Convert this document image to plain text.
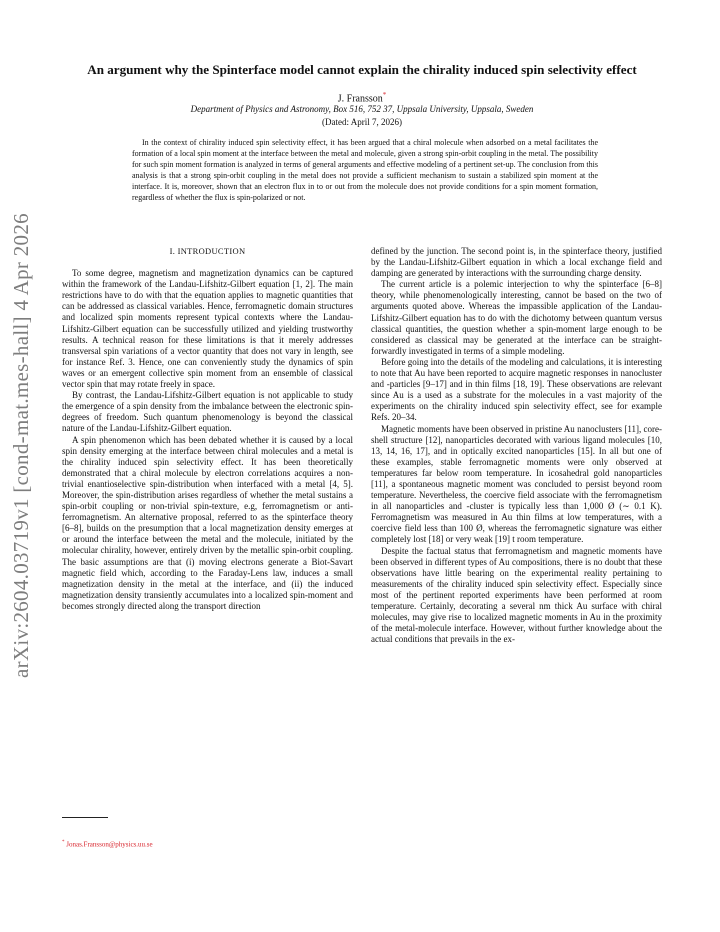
arXiv:2604.03719v1 [cond-mat.mes-hall] 4 Apr 2026
An argument why the Spinterface model cannot explain the chirality induced spin selectivity effect
J. Fransson*
Department of Physics and Astronomy, Box 516, 752 37, Uppsala University, Uppsala, Sweden
(Dated: April 7, 2026)
In the context of chirality induced spin selectivity effect, it has been argued that a chiral molecule when adsorbed on a metal facilitates the formation of a local spin moment at the interface between the metal and molecule, given a strong spin-orbit coupling in the metal. The possibility for such spin moment formation is analyzed in terms of general arguments and effective modeling of a pertinent set-up. The conclusion from this analysis is that a strong spin-orbit coupling in the metal does not provide a sufficient mechanism to sustain a stabilized spin moment at the interface. It is, moreover, shown that an electron flux in to or out from the molecule does not provide conditions for a spin moment formation, regardless of whether the flux is spin-polarized or not.

I. INTRODUCTION

To some degree, magnetism and magnetization dynamics can be captured within the framework of the Landau-Lifshitz-Gilbert equation [1, 2]. The main restrictions have to do with that the equation applies to magnetic quantities that can be addressed as classical variables. Hence, ferromagnetic domain structures and localized spin moments represent typical contexts where the Landau-Lifshitz-Gilbert equation can be successfully utilized and yielding trustworthy results. A technical reason for these limitations is that it merely addresses transversal spin variations of a vector quantity that does not vary in length, see for instance Ref. 3. Hence, one can conveniently study the dynamics of spin waves or an emergent collective spin moment from an ensemble of classical vector spin that may rotate freely in space.

By contrast, the Landau-Lifshitz-Gilbert equation is not applicable to study the emergence of a spin density from the imbalance between the electronic spin-degrees of freedom. Such quantum phenomenology is beyond the classical nature of the Landau-Lifshitz-Gilbert equation.

A spin phenomenon which has been debated whether it is caused by a local spin density emerging at the interface between chiral molecules and a metal is the chirality induced spin selectivity effect. It has been theoretically demonstrated that a chiral molecule by electron correlations acquires a non-trivial enantioselective spin-distribution when interfaced with a metal [4, 5]. Moreover, the spin-distribution arises regardless of whether the metal sustains a spin-orbit coupling or non-trivial spin-texture, e.g, ferromagnetism or anti-ferromagnetism. An alternative proposal, referred to as the spinterface theory [6–8], builds on the presumption that a local magnetization density emerges at or around the interface between the metal and the molecule, initiated by the molecular chirality, however, entirely driven by the metallic spin-orbit coupling. The basic assumptions are that (i) moving electrons generate a Biot-Savart magnetic field which, according to the Faraday-Lens law, induces a small magnetization density in the metal at the interface, and (ii) the induced magnetization density transiently accumulates into a localized spin-moment and becomes strongly directed along the transport direction

defined by the junction. The second point is, in the spinterface theory, justified by the Landau-Lifshitz-Gilbert equation in which a local exchange field and damping are generated by interactions with the surrounding charge density.

The current article is a polemic interjection to why the spinterface [6–8] theory, while phenomenologically interesting, cannot be based on the two of arguments quoted above. Whereas the impassible application of the Landau-Lifshitz-Gilbert equation has to do with the dichotomy between quantum versus classical quantities, the question whether a spin-moment large enough to be considered as classical may be generated at the interface can be straight-forwardly investigated in terms of a simple modeling.

Before going into the details of the modeling and calculations, it is interesting to note that Au have been reported to acquire magnetic responses in nanocluster and -particles [9–17] and in thin films [18, 19]. These observations are relevant since Au is a used as a substrate for the molecules in a vast majority of the experiments on the chirality induced spin selectivity effect, see for example Refs. 20–34.

Magnetic moments have been observed in pristine Au nanoclusters [11], core-shell structure [12], nanoparticles decorated with various ligand molecules [10, 13, 14, 16, 17], and in optically excited nanoparticles [15]. In all but one of these examples, stable ferromagnetic moments were only observed at temperatures far below room temperature. In icosahedral gold nanoparticles [11], a spontaneous magnetic moment was concluded to persist beyond room temperature. Nevertheless, the coercive field associate with the ferromagnetism in all nanoparticles and -cluster is typically less than 1,000 Ø (∼ 0.1 K). Ferromagnetism was measured in Au thin films at low temperatures, with a coercive field less than 100 Ø, whereas the ferromagnetic signature was either completely lost [18] or very weak [19] t room temperature.

Despite the factual status that ferromagnetism and magnetic moments have been observed in different types of Au compositions, there is no doubt that these observations have little bearing on the experimental reality pertaining to measurements of the chirality induced spin selectivity effect. Especially since most of the pertinent reported experiments have been performed at room temperature. Certainly, decorating a several nm thick Au surface with chiral molecules, may give rise to localized magnetic moments in Au in the proximity of the metal-molecule interface. However, without further knowledge about the actual conditions that prevails in the ex-

* Jonas.Fransson@physics.uu.se
